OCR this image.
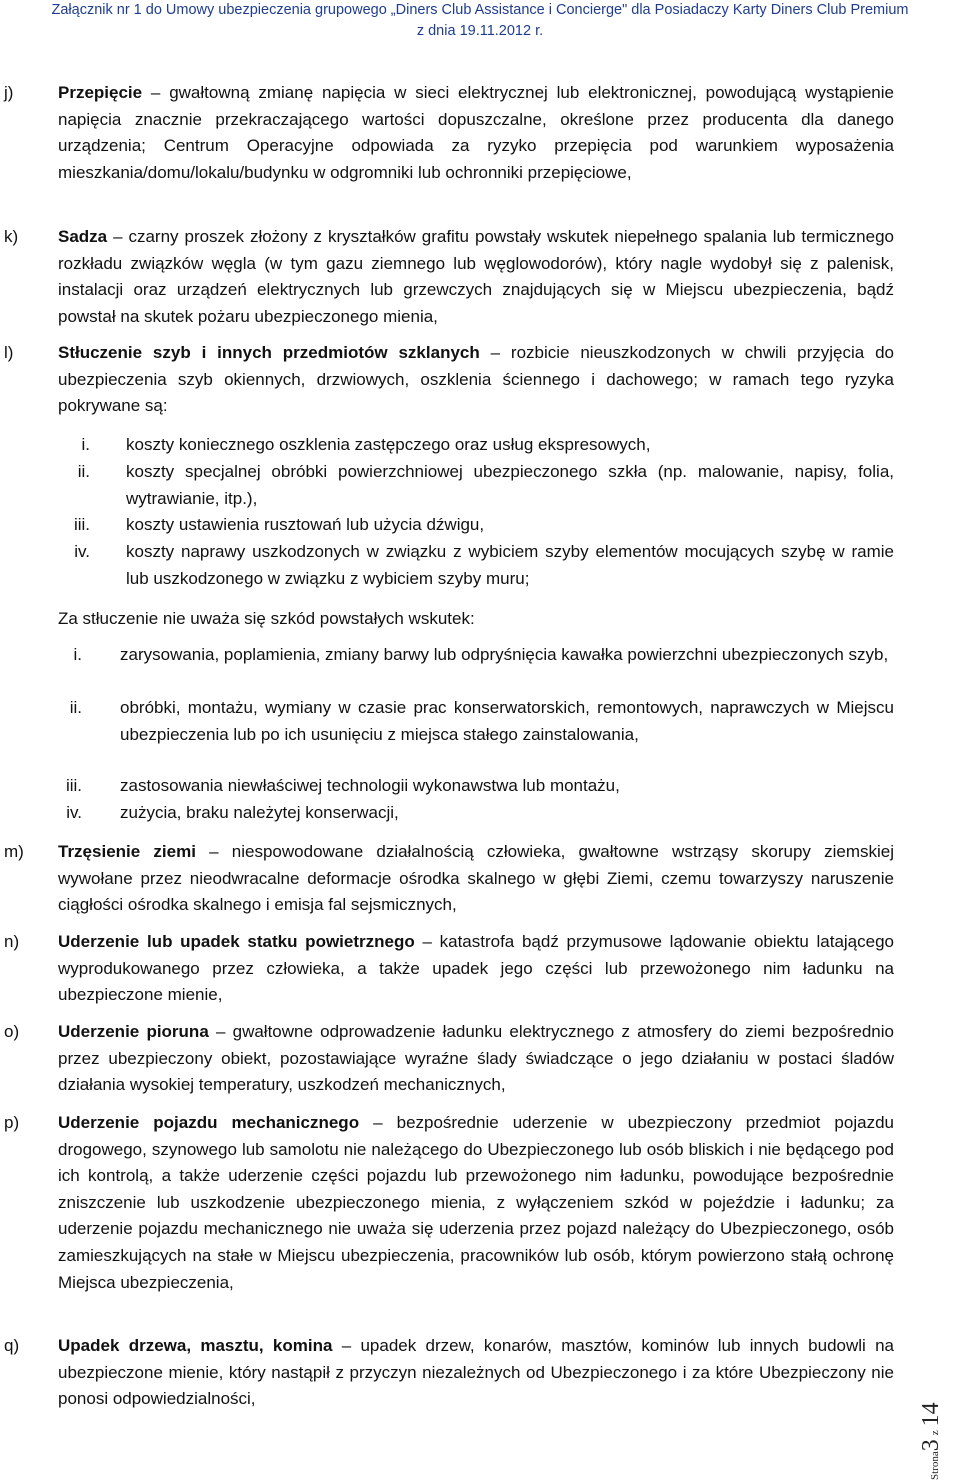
Załącznik nr 1 do Umowy ubezpieczenia grupowego „Diners Club Assistance i Concierge" dla Posiadaczy Karty Diners Club Premium
z dnia 19.11.2012 r.
j)	Przepięcie – gwałtowną zmianę napięcia w sieci elektrycznej lub elektronicznej, powodującą wystąpienie napięcia znacznie przekraczającego wartości dopuszczalne, określone przez producenta dla danego urządzenia; Centrum Operacyjne odpowiada za ryzyko przepięcia pod warunkiem wyposażenia mieszkania/domu/lokalu/budynku w odgromniki lub ochronniki przepięciowe,
k) Sadza – czarny proszek złożony z kryształków grafitu powstały wskutek niepełnego spalania lub termicznego rozkładu związków węgla (w tym gazu ziemnego lub węglowodorów), który nagle wydobył się z palenisk, instalacji oraz urządzeń elektrycznych lub grzewczych znajdujących się w Miejscu ubezpieczenia, bądź powstał na skutek pożaru ubezpieczonego mienia,
l)	Stłuczenie szyb i innych przedmiotów szklanych – rozbicie nieuszkodzonych w chwili przyjęcia do ubezpieczenia szyb okiennych, drzwiowych, oszklenia ściennego i dachowego; w ramach tego ryzyka pokrywane są:
i. koszty koniecznego oszklenia zastępczego oraz usług ekspresowych,
ii. koszty specjalnej obróbki powierzchniowej ubezpieczonego szkła (np. malowanie, napisy, folia, wytrawianie, itp.),
iii. koszty ustawienia rusztowań lub użycia dźwigu,
iv. koszty naprawy uszkodzonych w związku z wybiciem szyby elementów mocujących szybę w ramie lub uszkodzonego w związku z wybiciem szyby muru;
Za stłuczenie nie uważa się szkód powstałych wskutek:
i. zarysowania, poplamienia, zmiany barwy lub odpryśnięcia kawałka powierzchni ubezpieczonych szyb,
ii. obróbki, montażu, wymiany w czasie prac konserwatorskich, remontowych, naprawczych w Miejscu ubezpieczenia lub po ich usunięciu z miejsca stałego zainstalowania,
iii. zastosowania niewłaściwej technologii wykonawstwa lub montażu,
iv. zużycia, braku należytej konserwacji,
m) Trzęsienie ziemi – niespowodowane działalnością człowieka, gwałtowne wstrząsy skorupy ziemskiej wywołane przez nieodwracalne deformacje ośrodka skalnego w głębi Ziemi, czemu towarzyszy naruszenie ciągłości ośrodka skalnego i emisja fal sejsmicznych,
n) Uderzenie lub upadek statku powietrznego – katastrofa bądź przymusowe lądowanie obiektu latającego wyprodukowanego przez człowieka, a także upadek jego części lub przewożonego nim ładunku na ubezpieczone mienie,
o) Uderzenie pioruna – gwałtowne odprowadzenie ładunku elektrycznego z atmosfery do ziemi bezpośrednio przez ubezpieczony obiekt, pozostawiające wyraźne ślady świadczące o jego działaniu w postaci śladów działania wysokiej temperatury, uszkodzeń mechanicznych,
p) Uderzenie pojazdu mechanicznego – bezpośrednie uderzenie w ubezpieczony przedmiot pojazdu drogowego, szynowego lub samolotu nie należącego do Ubezpieczonego lub osób bliskich i nie będącego pod ich kontrolą, a także uderzenie części pojazdu lub przewożonego nim ładunku, powodujące bezpośrednie zniszczenie lub uszkodzenie ubezpieczonego mienia, z wyłączeniem szkód w pojeździe i ładunku; za uderzenie pojazdu mechanicznego nie uważa się uderzenia przez pojazd należący do Ubezpieczonego, osób zamieszkujących na stałe w Miejscu ubezpieczenia, pracowników lub osób, którym powierzono stałą ochronę Miejsca ubezpieczenia,
q) Upadek drzewa, masztu, komina – upadek drzew, konarów, masztów, kominów lub innych budowli na ubezpieczone mienie, który nastąpił z przyczyn niezależnych od Ubezpieczonego i za które Ubezpieczony nie ponosi odpowiedzialności,
Strona3 z 14
